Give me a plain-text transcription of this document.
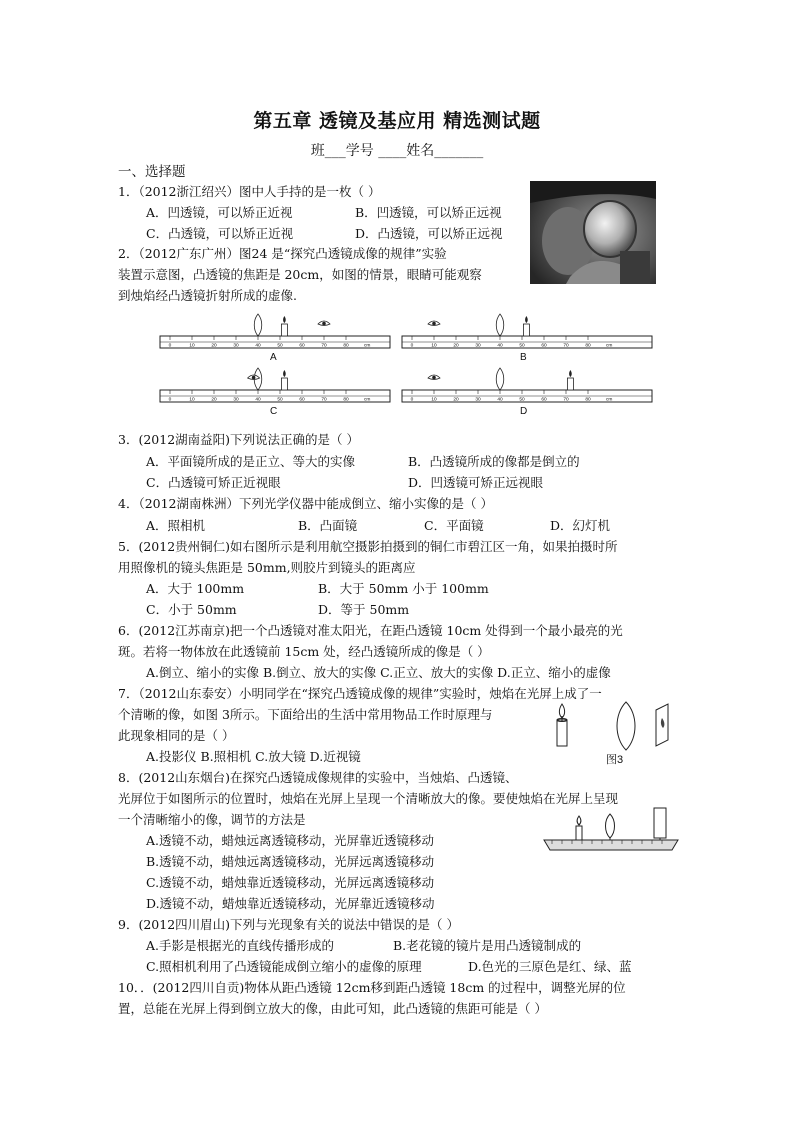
第五章 透镜及基应用 精选测试题
班___学号 ____姓名_______
一、选择题
1．（2012浙江绍兴）图中人手持的是一枚（ ）
A．凹透镜，可以矫正近视	B．凹透镜，可以矫正远视
C．凸透镜，可以矫正近视	D．凸透镜，可以矫正远视
2．（2012广东广州）图24 是“探究凸透镜成像的规律”实验
装置示意图，凸透镜的焦距是 20cm，如图的情景，眼睛可能观察
到烛焰经凸透镜折射所成的虚像.
3．(2012湖南益阳)下列说法正确的是（ ）
A．平面镜所成的是正立、等大的实像	B．凸透镜所成的像都是倒立的
C．凸透镜可矫正近视眼	D．凹透镜可矫正远视眼
4．（2012湖南株洲）下列光学仪器中能成倒立、缩小实像的是（ ）
A．照相机	B．凸面镜	C．平面镜	D．幻灯机
5．(2012贵州铜仁)如右图所示是利用航空摄影拍摄到的铜仁市碧江区一角，如果拍摄时所
用照像机的镜头焦距是 50mm,则胶片到镜头的距离应
A．大于 100mm	B．大于 50mm 小于 100mm
C．小于 50mm	D．等于 50mm
6．(2012江苏南京)把一个凸透镜对准太阳光，在距凸透镜 10cm 处得到一个最小最亮的光
斑。若将一物体放在此透镜前 15cm 处，经凸透镜所成的像是（ ）
A.倒立、缩小的实像 B.倒立、放大的实像 C.正立、放大的实像 D.正立、缩小的虚像
7．（2012山东泰安）小明同学在“探究凸透镜成像的规律”实验时，烛焰在光屏上成了一
个清晰的像，如图 3所示。下面给出的生活中常用物品工作时原理与
此现象相同的是（ ）
A.投影仪 B.照相机 C.放大镜 D.近视镜
8．(2012山东烟台)在探究凸透镜成像规律的实验中，当烛焰、凸透镜、
光屏位于如图所示的位置时，烛焰在光屏上呈现一个清晰放大的像。要使烛焰在光屏上呈现
一个清晰缩小的像，调节的方法是
A.透镜不动，蜡烛远离透镜移动，光屏靠近透镜移动
B.透镜不动，蜡烛远离透镜移动，光屏远离透镜移动
C.透镜不动，蜡烛靠近透镜移动，光屏远离透镜移动
D.透镜不动，蜡烛靠近透镜移动，光屏靠近透镜移动
9．(2012四川眉山)下列与光现象有关的说法中错误的是（ ）
A.手影是根据光的直线传播形成的	B.老花镜的镜片是用凸透镜制成的
C.照相机利用了凸透镜能成倒立缩小的虚像的原理	D.色光的三原色是红、绿、蓝
10．．(2012四川自贡)物体从距凸透镜 12cm移到距凸透镜 18cm 的过程中，调整光屏的位
置，总能在光屏上得到倒立放大的像，由此可知，此凸透镜的焦距可能是（ ）
0	10	20	30	40	50	60	70	80	cm	0	10	20	30	40	50	60	70	80	cm
0	10	20	30	40	50	60	70	80	cm	0	10	20	30	40	50	60	70	80	cm
A	B
C	D
图3
